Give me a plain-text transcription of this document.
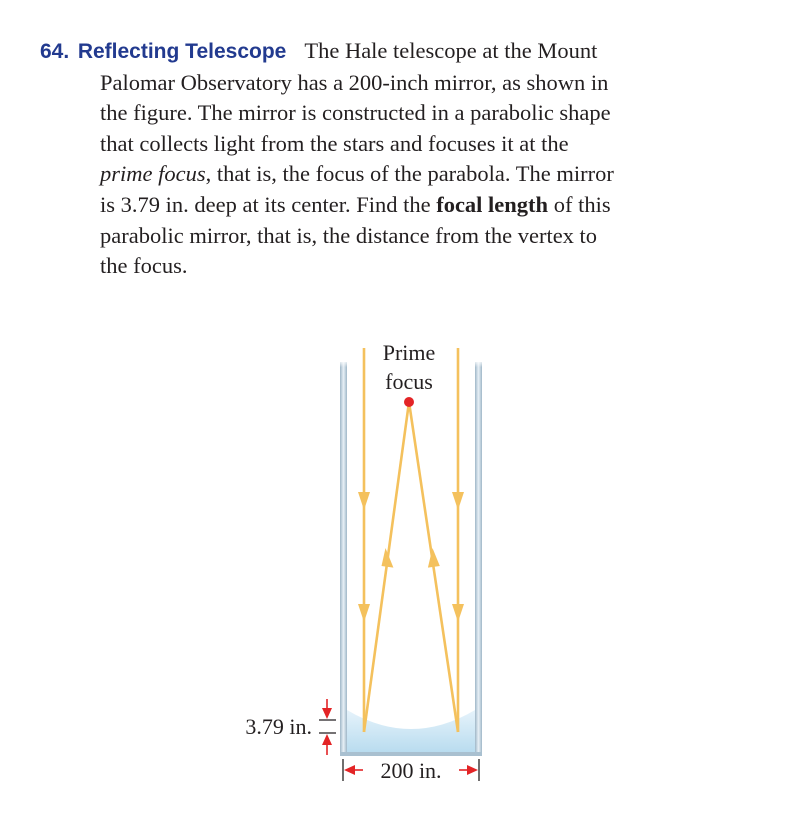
64. Reflecting Telescope The Hale telescope at the Mount
Palomar Observatory has a 200-inch mirror, as shown in
the figure. The mirror is constructed in a parabolic shape
that collects light from the stars and focuses it at the
prime focus, that is, the focus of the parabola. The mirror
is 3.79 in. deep at its center. Find the focal length of this
parabolic mirror, that is, the distance from the vertex to
the focus.
Prime
focus
3.79 in.
200 in.
